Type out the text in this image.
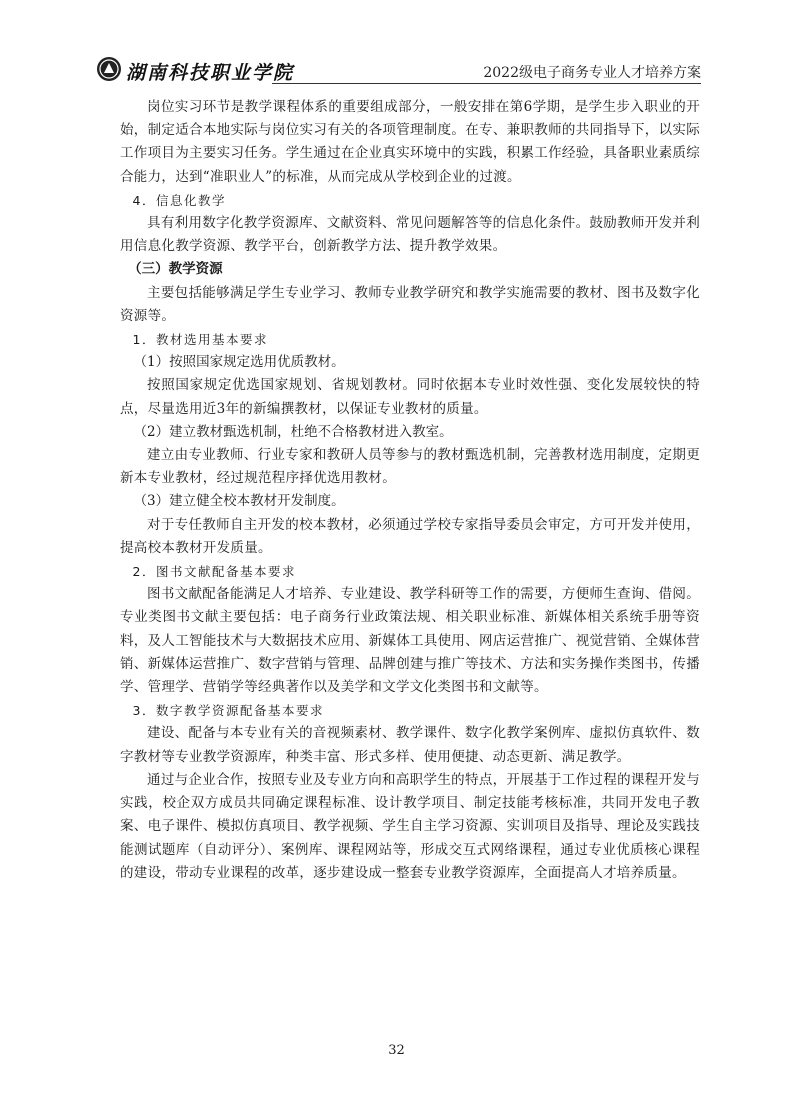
湖南科技职业学院	2022级电子商务专业人才培养方案

岗位实习环节是教学课程体系的重要组成部分，一般安排在第6学期，是学生步入职业的开始，制定适合本地实际与岗位实习有关的各项管理制度。在专、兼职教师的共同指导下，以实际工作项目为主要实习任务。学生通过在企业真实环境中的实践，积累工作经验，具备职业素质综合能力，达到“准职业人”的标准，从而完成从学校到企业的过渡。

4．信息化教学

具有利用数字化教学资源库、文献资料、常见问题解答等的信息化条件。鼓励教师开发并利用信息化教学资源、教学平台，创新教学方法、提升教学效果。

（三）教学资源

主要包括能够满足学生专业学习、教师专业教学研究和教学实施需要的教材、图书及数字化资源等。

1．教材选用基本要求

（1）按照国家规定选用优质教材。

按照国家规定优选国家规划、省规划教材。同时依据本专业时效性强、变化发展较快的特点，尽量选用近3年的新编撰教材，以保证专业教材的质量。

（2）建立教材甄选机制，杜绝不合格教材进入教室。

建立由专业教师、行业专家和教研人员等参与的教材甄选机制，完善教材选用制度，定期更新本专业教材，经过规范程序择优选用教材。

（3）建立健全校本教材开发制度。

对于专任教师自主开发的校本教材，必须通过学校专家指导委员会审定，方可开发并使用，提高校本教材开发质量。

2．图书文献配备基本要求

图书文献配备能满足人才培养、专业建设、教学科研等工作的需要，方便师生查询、借阅。专业类图书文献主要包括：电子商务行业政策法规、相关职业标准、新媒体相关系统手册等资料，及人工智能技术与大数据技术应用、新媒体工具使用、网店运营推广、视觉营销、全媒体营销、新媒体运营推广、数字营销与管理、品牌创建与推广等技术、方法和实务操作类图书，传播学、管理学、营销学等经典著作以及美学和文学文化类图书和文献等。

3．数字教学资源配备基本要求

建设、配备与本专业有关的音视频素材、教学课件、数字化教学案例库、虚拟仿真软件、数字教材等专业教学资源库，种类丰富、形式多样、使用便捷、动态更新、满足教学。

通过与企业合作，按照专业及专业方向和高职学生的特点，开展基于工作过程的课程开发与实践，校企双方成员共同确定课程标准、设计教学项目、制定技能考核标准，共同开发电子教案、电子课件、模拟仿真项目、教学视频、学生自主学习资源、实训项目及指导、理论及实践技能测试题库（自动评分）、案例库、课程网站等，形成交互式网络课程，通过专业优质核心课程的建设，带动专业课程的改革，逐步建设成一整套专业教学资源库，全面提高人才培养质量。

32
